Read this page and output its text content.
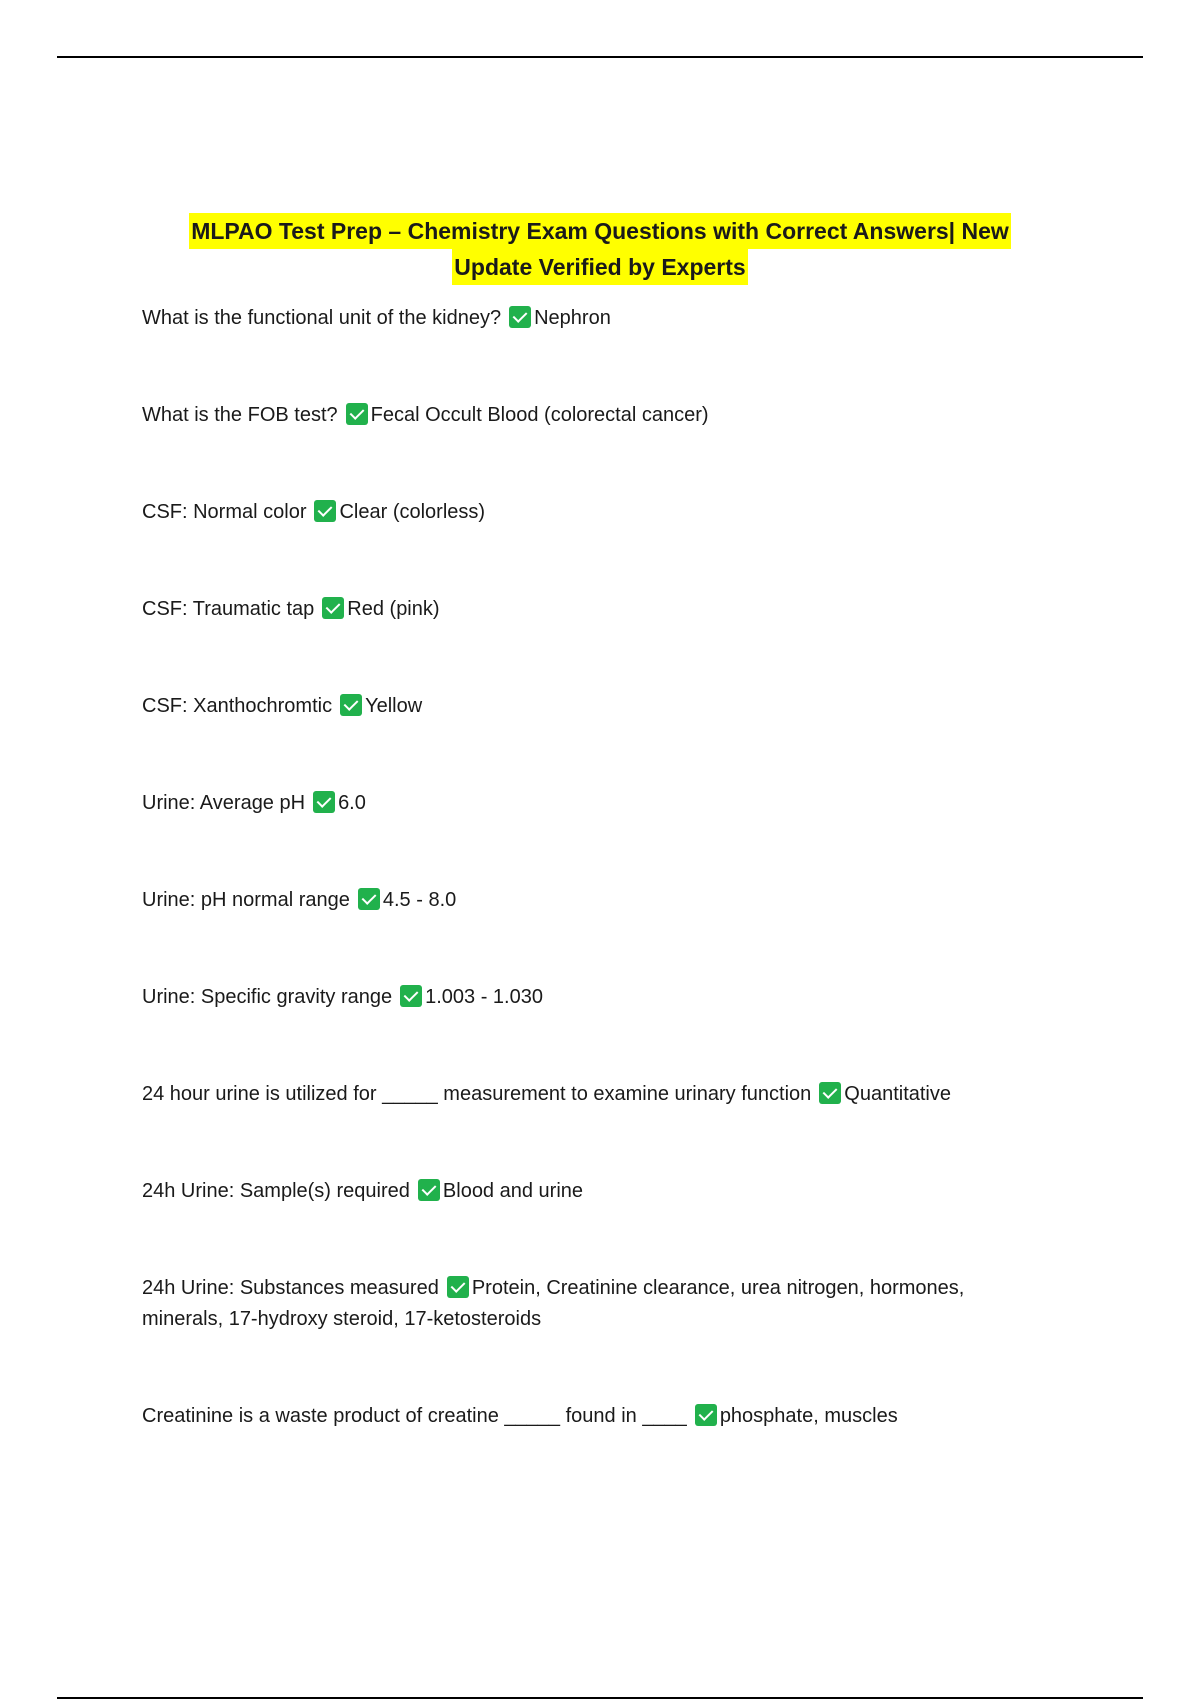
MLPAO Test Prep – Chemistry Exam Questions with Correct Answers| New
Update Verified by Experts
What is the functional unit of the kidney? Nephron
What is the FOB test? Fecal Occult Blood (colorectal cancer)
CSF: Normal color Clear (colorless)
CSF: Traumatic tap Red (pink)
CSF: Xanthochromtic Yellow
Urine: Average pH 6.0
Urine: pH normal range 4.5 - 8.0
Urine: Specific gravity range 1.003 - 1.030
24 hour urine is utilized for _____ measurement to examine urinary function Quantitative
24h Urine: Sample(s) required Blood and urine
24h Urine: Substances measured Protein, Creatinine clearance, urea nitrogen, hormones, minerals, 17-hydroxy steroid, 17-ketosteroids
Creatinine is a waste product of creatine _____ found in ____ phosphate, muscles
